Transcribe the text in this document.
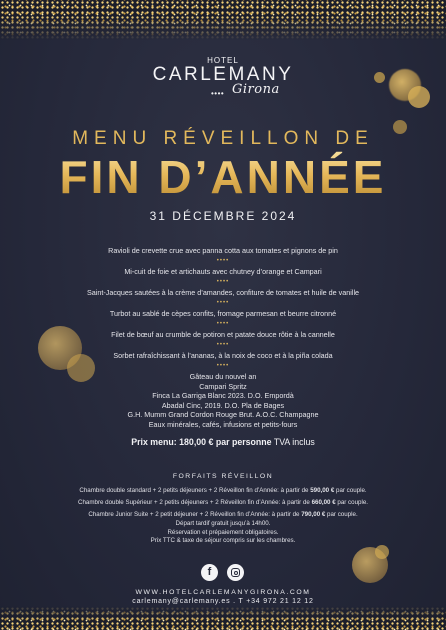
HOTEL
CARLEMANY
•••• Girona
MENU RÉVEILLON DE
FIN D’ANNÉE
31 DÉCEMBRE 2024
Ravioli de crevette crue avec panna cotta aux tomates et pignons de pin
••••
Mi-cuit de foie et artichauts avec chutney d’orange et Campari
••••
Saint-Jacques sautées à la crème d’amandes, confiture de tomates et huile de vanille
••••
Turbot au sablé de cèpes confits, fromage parmesan et beurre citronné
••••
Filet de bœuf au crumble de potiron et patate douce rôtie à la cannelle
••••
Sorbet rafraîchissant à l’ananas, à la noix de coco et à la piña colada
••••
Gâteau du nouvel an
Campari Spritz
Finca La Garriga Blanc 2023. D.O. Empordà
Abadal Cinc, 2019. D.O. Pla de Bages
G.H. Mumm Grand Cordon Rouge Brut. A.O.C. Champagne
Eaux minérales, cafés, infusions et petits-fours
Prix menu: 180,00 € par personne TVA inclus
FORFAITS RÉVEILLON
Chambre double standard + 2 petits déjeuners + 2 Réveillon fin d’Année: à partir de 590,00 € par couple.
Chambre double Supérieur + 2 petits déjeuners + 2 Réveillon fin d’Année: à partir de 660,00 € par couple.
Chambre Junior Suite + 2 petit déjeuner + 2 Réveillon fin d’Année: à partir de 790,00 € par couple.
Départ tardif gratuit jusqu’à 14h00.
Réservation et prépaiement obligatoires.
Prix TTC & taxe de séjour compris sur les chambres.
f
WWW.HOTELCARLEMANYGIRONA.COM
carlemany@carlemany.es . T +34 972 21 12 12
